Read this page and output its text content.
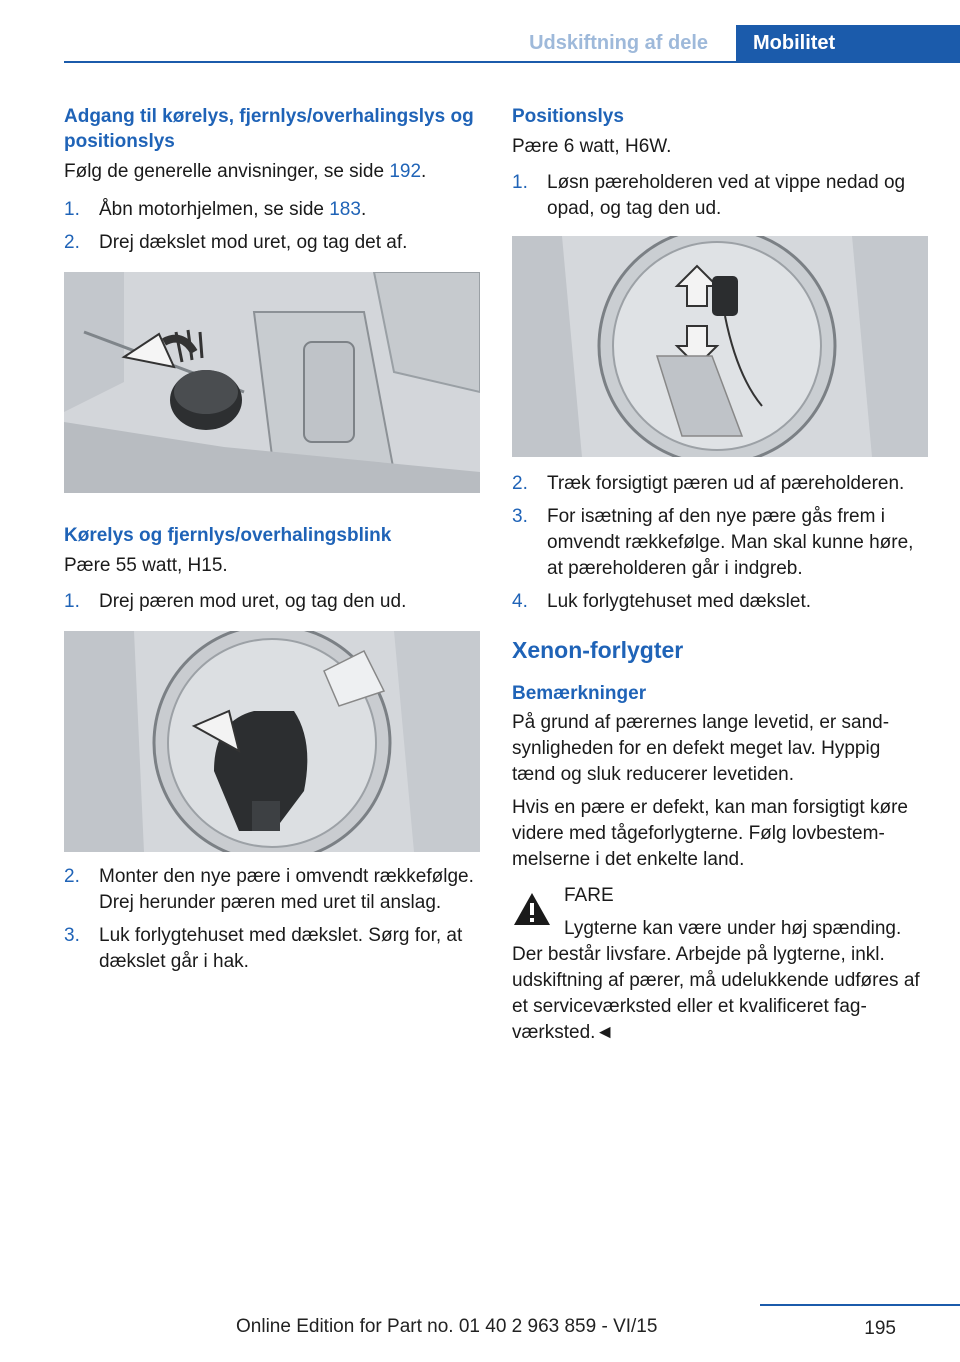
Udskiftning af dele	Mobilitet
Adgang til kørelys, fjernlys/overhalingslys og positionslys

Følg de generelle anvisninger, se side 192.

1. Åbn motorhjelmen, se side 183.
2. Drej dækslet mod uret, og tag det af.
Kørelys og fjernlys/overhalingsblink

Pære 55 watt, H15.

1. Drej pæren mod uret, og tag den ud.
2. Monter den nye pære i omvendt rækkefølge. Drej herunder pæren med uret til anslag.
3. Luk forlygtehuset med dækslet. Sørg for, at dækslet går i hak.
Positionslys

Pære 6 watt, H6W.

1. Løsn pæreholderen ved at vippe nedad og opad, og tag den ud.
2. Træk forsigtigt pæren ud af pæreholderen.
3. For isætning af den nye pære gås frem i omvendt rækkefølge. Man skal kunne høre, at pæreholderen går i indgreb.
4. Luk forlygtehuset med dækslet.
Xenon-forlygter
Bemærkninger

På grund af pærernes lange levetid, er sandsynligheden for en defekt meget lav. Hyppig tænd og sluk reducerer levetiden.

Hvis en pære er defekt, kan man forsigtigt køre videre med tågeforlygterne. Følg lovbestemmelserne i det enkelte land.

FARE

Lygterne kan være under høj spænding.

Der består livsfare. Arbejde på lygterne, inkl. udskiftning af pærer, må udelukkende udføres af et serviceværksted eller et kvalificeret fagværksted.◄

195
Online Edition for Part no. 01 40 2 963 859 - VI/15
